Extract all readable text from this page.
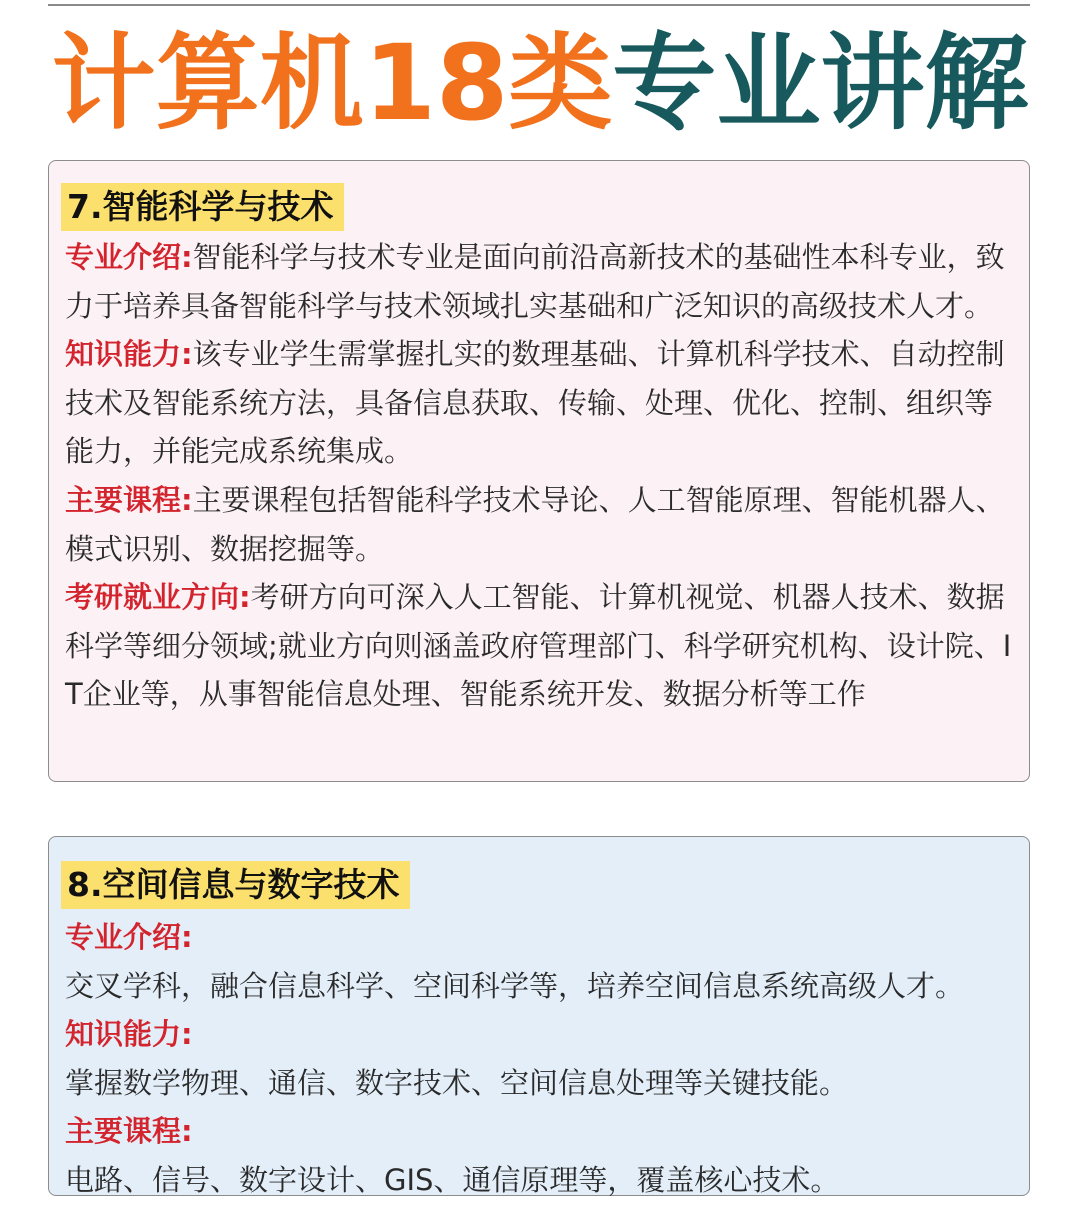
计算机18类专业讲解
7.智能科学与技术

专业介绍:智能科学与技术专业是面向前沿高新技术的基础性本科专业，致力于培养具备智能科学与技术领域扎实基础和广泛知识的高级技术人才。

知识能力:该专业学生需掌握扎实的数理基础、计算机科学技术、自动控制技术及智能系统方法，具备信息获取、传输、处理、优化、控制、组织等能力，并能完成系统集成。

主要课程:主要课程包括智能科学技术导论、人工智能原理、智能机器人、模式识别、数据挖掘等。

考研就业方向:考研方向可深入人工智能、计算机视觉、机器人技术、数据科学等细分领域;就业方向则涵盖政府管理部门、科学研究机构、设计院、IT企业等，从事智能信息处理、智能系统开发、数据分析等工作

8.空间信息与数字技术
专业介绍:
交叉学科，融合信息科学、空间科学等，培养空间信息系统高级人才。
知识能力:
掌握数学物理、通信、数字技术、空间信息处理等关键技能。
主要课程:
电路、信号、数字设计、GIS、通信原理等，覆盖核心技术。
